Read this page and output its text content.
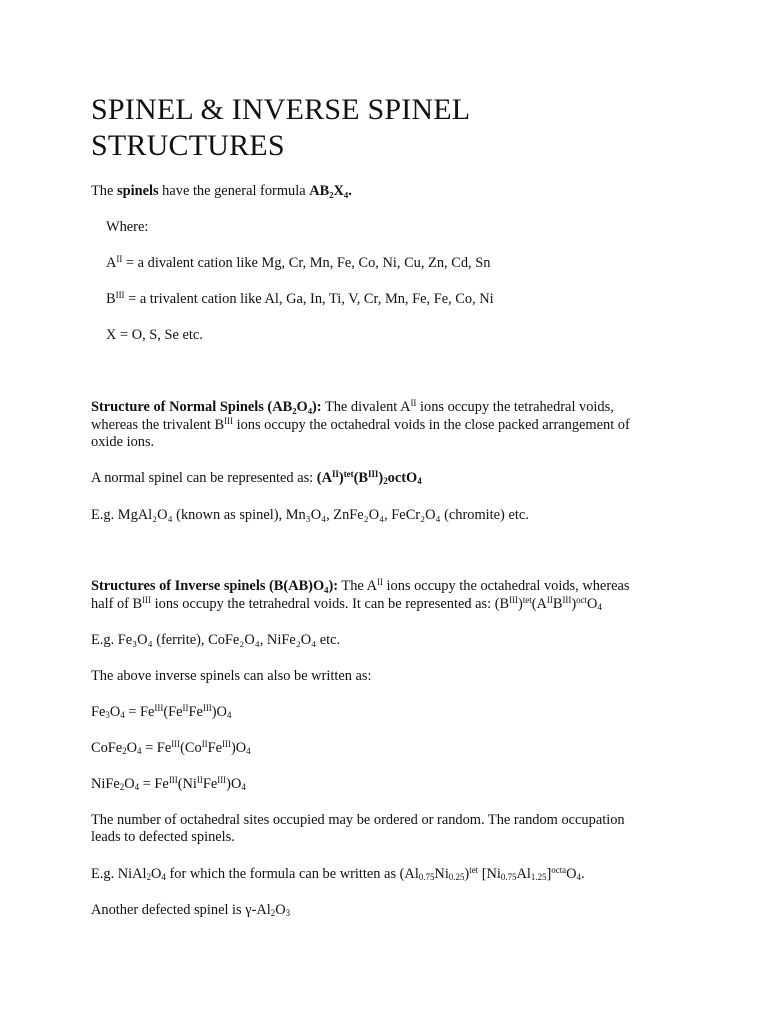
SPINEL & INVERSE SPINEL STRUCTURES

The spinels have the general formula AB₂X₄.

Where:

$A^{II} = a$ divalent cation like Mg, Cr, Mn, Fe, Co, Ni, Cu, Zn, Cd, Sn

$B^{III} = a$ trivalent cation like Al, Ga, In, Ti, V, Cr, Mn, Fe, Fe, Co, Ni

X = O, S, Se etc.

Structure of Normal Spinels (AB₂O₄): The divalent $A^{II}$ ions occupy the tetrahedral voids,

whereas the trivalent $B^{III}$ ions occupy the octahedral voids in the close packed arrangement of

oxide ions.

A normal spinel can be represented as: $(A^{II})^{tet}(B^{III})_2octO_4$

E.g. MgAl₂O₄ (known as spinel), Mn₃O₄, ZnFe₂O₄, FeCr₂O₄ (chromite) etc.

Structures of Inverse spinels (B(AB)O₄): The $A^{II}$ ions occupy the octahedral voids, whereas

half of $B^{III}$ ions occupy the tetrahedral voids. It can be represented as: $(B^{III})^{tet}(A^{II}B^{III})^{oct}O_4$

E.g. Fe₃O₄ (ferrite), CoFe₂O₄, NiFe₂O₄ etc.

The above inverse spinels can also be written as:

$Fe_3O_4 = Fe^{III}(Fe^{II}Fe^{III})O_4$

$CoFe_2O_4 = Fe^{III}(Co^{II}Fe^{III})O_4$

$NiFe_2O_4 = Fe^{III}(Ni^{II}Fe^{III})O_4$

The number of octahedral sites occupied may be ordered or random. The random occupation

leads to defected spinels.

E.g. $NiAl_2O_4$ for which the formula can be written as $(Al_{0.75}Ni_{0.25})^{tet}$ $[Ni_{0.75}Al_{1.25}]^{octa}O_4$.

Another defected spinel is $\gamma-Al_2O_3$
